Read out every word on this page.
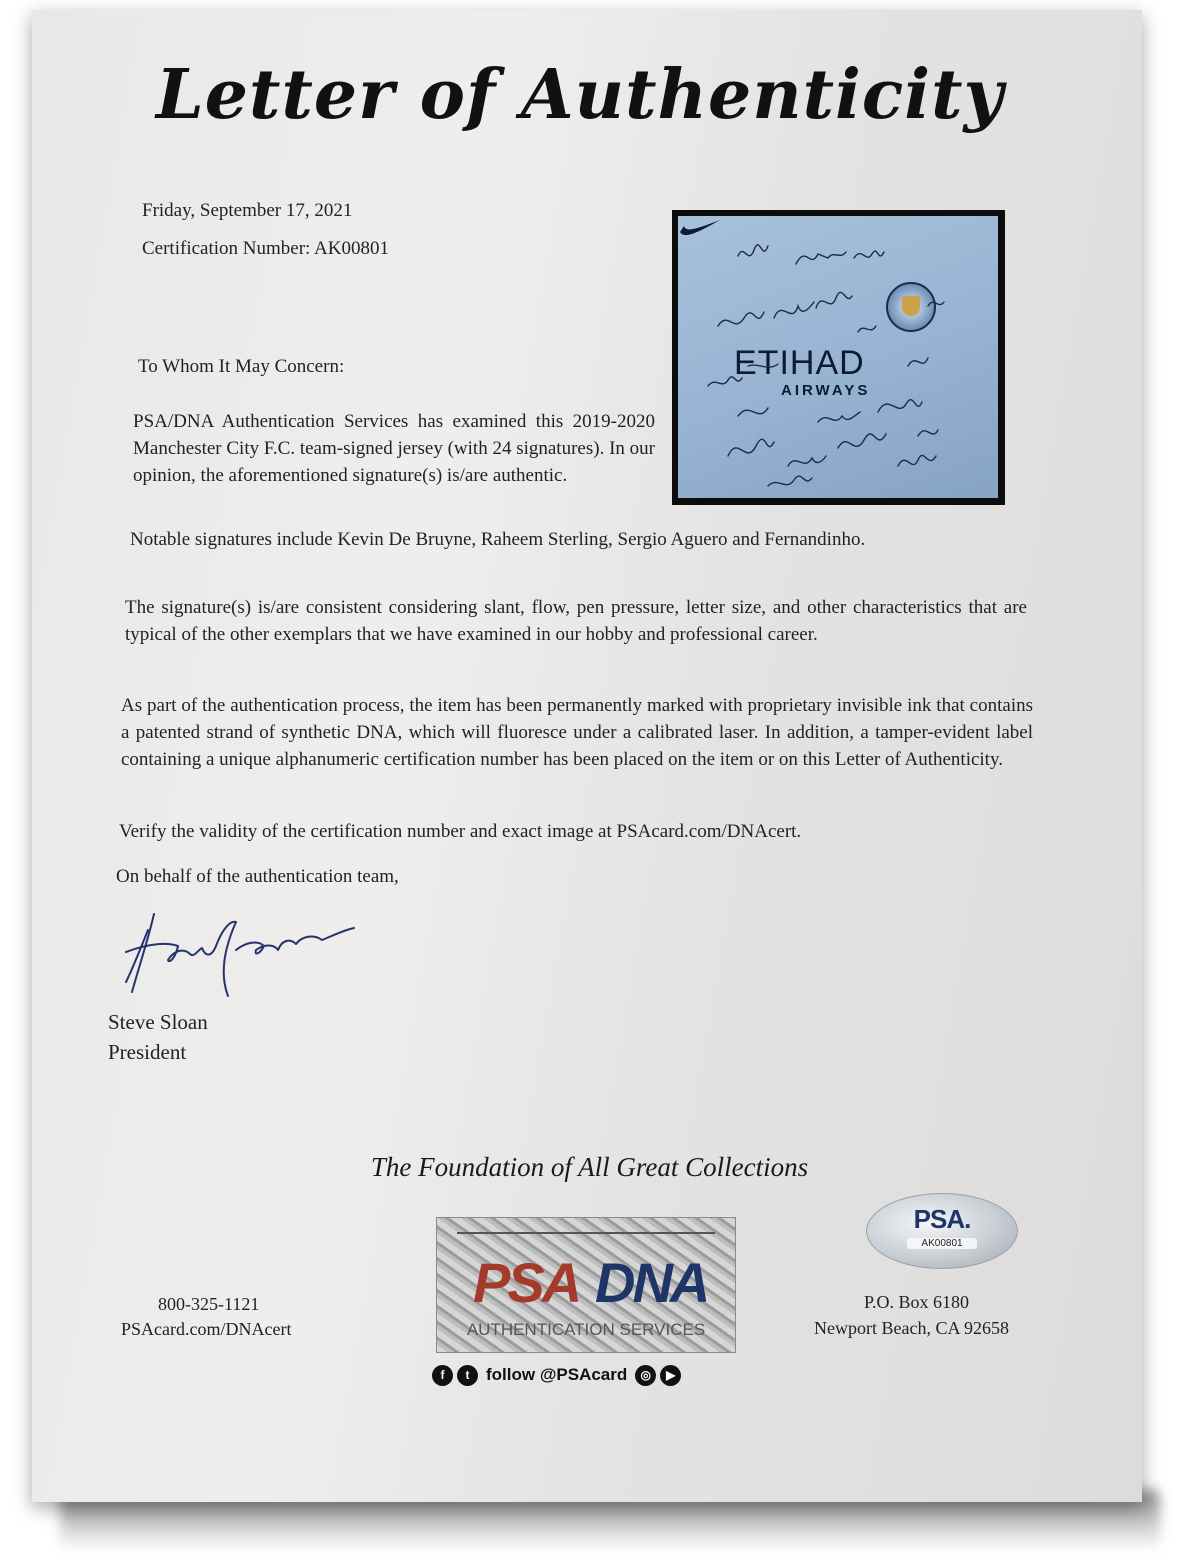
Letter of Authenticity
Friday, September 17, 2021
Certification Number: AK00801
ETIHAD
AIRWAYS
To Whom It May Concern:
PSA/DNA Authentication Services has examined this 2019-2020 Manchester City F.C. team-signed jersey (with 24 signatures). In our opinion, the aforementioned signature(s) is/are authentic.
Notable signatures include Kevin De Bruyne, Raheem Sterling, Sergio Aguero and Fernandinho.
The signature(s) is/are consistent considering slant, flow, pen pressure, letter size, and other characteristics that are typical of the other exemplars that we have examined in our hobby and professional career.
As part of the authentication process, the item has been permanently marked with proprietary invisible ink that contains a patented strand of synthetic DNA, which will fluoresce under a calibrated laser. In addition, a tamper-evident label containing a unique alphanumeric certification number has been placed on the item or on this Letter of Authenticity.
Verify the validity of the certification number and exact image at PSAcard.com/DNAcert.
On behalf of the authentication team,
Steve Sloan
President
The Foundation of All Great Collections
800-325-1121
PSAcard.com/DNAcert
PSA DNA
AUTHENTICATION SERVICES
f	t follow @PSAcard	◎	▶
PSA.
AK00801
P.O. Box 6180
Newport Beach, CA 92658
